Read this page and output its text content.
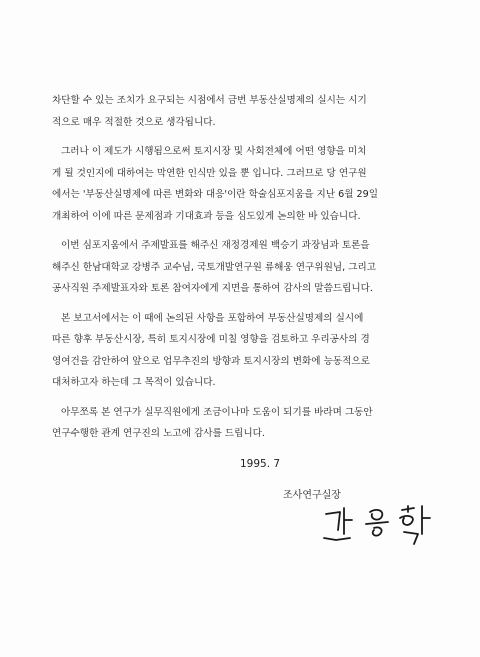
차단할 수 있는 조치가 요구되는 시점에서 금번 부동산실명제의 실시는 시기
적으로 매우 적절한 것으로 생각됩니다.

그러나 이 제도가 시행됨으로써 토지시장 및 사회전체에 어떤 영향을 미치
게 될 것인지에 대하여는 막연한 인식만 있을 뿐 입니다. 그러므로 당 연구원
에서는 '부동산실명제에 따른 변화와 대응'이란 학술심포지움을 지난 6월 29일
개최하여 이에 따른 문제점과 기대효과 등을 심도있게 논의한 바 있습니다.

이번 심포지움에서 주제발표를 해주신 재정경제원 백승기 과장님과 토론을
해주신 한남대학교 강병주 교수님, 국토개발연구원 류해웅 연구위원님, 그리고
공사직원 주제발표자와 토론 참여자에게 지면을 통하여 감사의 말씀드립니다.

본 보고서에서는 이 때에 논의된 사항을 포함하여 부동산실명제의 실시에
따른 향후 부동산시장, 특히 토지시장에 미칠 영향을 검토하고 우리공사의 경
영여건을 감안하여 앞으로 업무추진의 방향과 토지시장의 변화에 능동적으로
대처하고자 하는데 그 목적이 있습니다.

아무쪼록 본 연구가 실무직원에게 조금이나마 도움이 되기를 바라며 그동안
연구수행한 관계 연구진의 노고에 감사를 드립니다.

1995. 7
조사연구실장
